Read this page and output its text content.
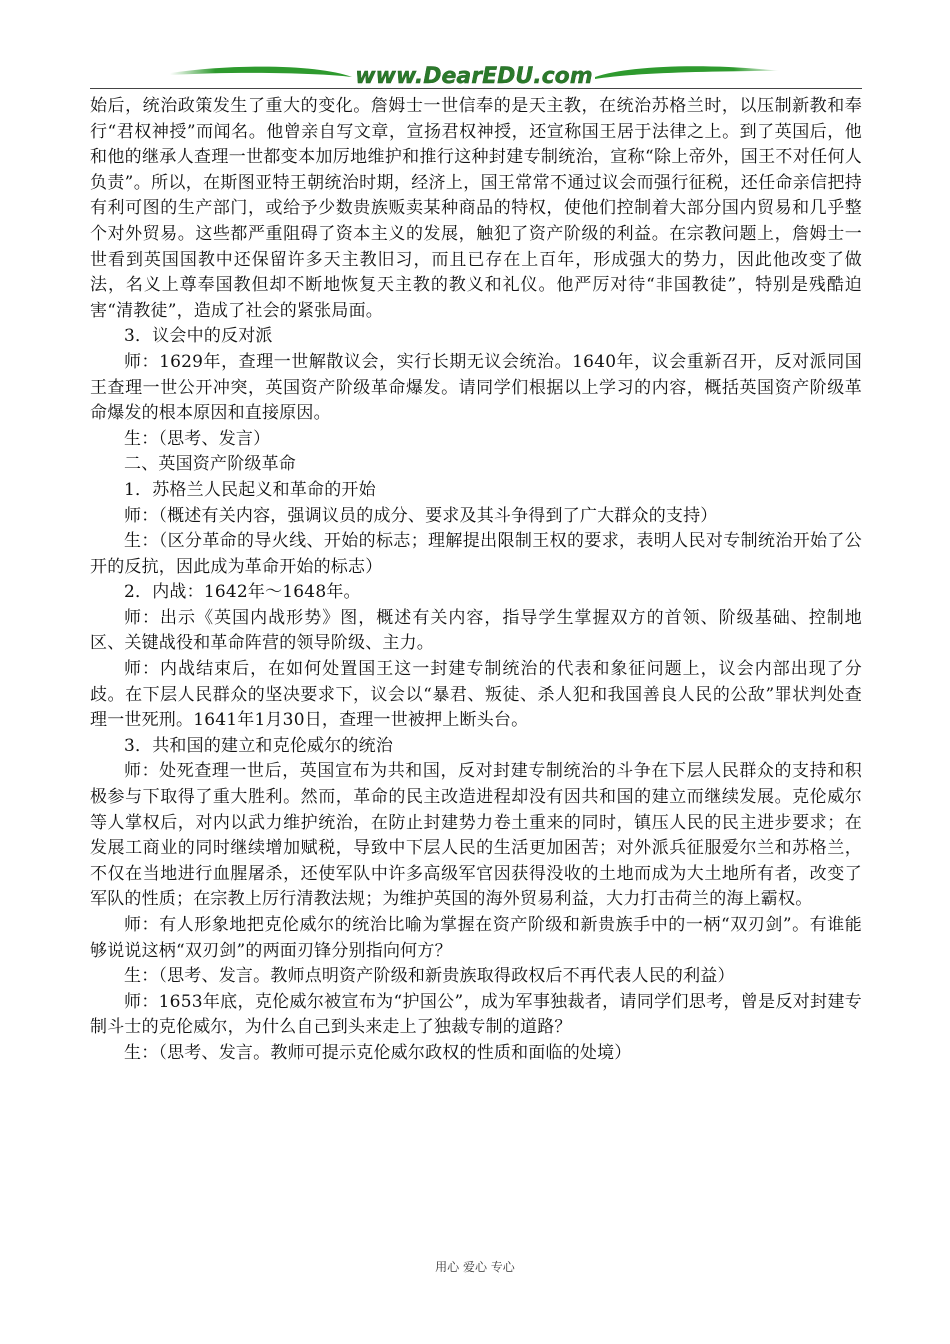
www.DearEDU.com

始后，统治政策发生了重大的变化。詹姆士一世信奉的是天主教，在统治苏格兰时，以压制新教和奉行“君权神授”而闻名。他曾亲自写文章，宣扬君权神授，还宣称国王居于法律之上。到了英国后，他和他的继承人查理一世都变本加厉地维护和推行这种封建专制统治，宣称“除上帝外，国王不对任何人负责”。所以，在斯图亚特王朝统治时期，经济上，国王常常不通过议会而强行征税，还任命亲信把持有利可图的生产部门，或给予少数贵族贩卖某种商品的特权，使他们控制着大部分国内贸易和几乎整个对外贸易。这些都严重阻碍了资本主义的发展，触犯了资产阶级的利益。在宗教问题上，詹姆士一世看到英国国教中还保留许多天主教旧习，而且已存在上百年，形成强大的势力，因此他改变了做法，名义上尊奉国教但却不断地恢复天主教的教义和礼仪。他严厉对待“非国教徒”，特别是残酷迫害“清教徒”，造成了社会的紧张局面。

3．议会中的反对派

师：1629年，查理一世解散议会，实行长期无议会统治。1640年，议会重新召开，反对派同国王查理一世公开冲突，英国资产阶级革命爆发。请同学们根据以上学习的内容，概括英国资产阶级革命爆发的根本原因和直接原因。

生：（思考、发言）

二、英国资产阶级革命

1．苏格兰人民起义和革命的开始

师：（概述有关内容，强调议员的成分、要求及其斗争得到了广大群众的支持）

生：（区分革命的导火线、开始的标志；理解提出限制王权的要求，表明人民对专制统治开始了公开的反抗，因此成为革命开始的标志）

2．内战：1642年～1648年。

师：出示《英国内战形势》图，概述有关内容，指导学生掌握双方的首领、阶级基础、控制地区、关键战役和革命阵营的领导阶级、主力。

师：内战结束后，在如何处置国王这一封建专制统治的代表和象征问题上，议会内部出现了分歧。在下层人民群众的坚决要求下，议会以“暴君、叛徒、杀人犯和我国善良人民的公敌”罪状判处查理一世死刑。1641年1月30日，查理一世被押上断头台。

3．共和国的建立和克伦威尔的统治

师：处死查理一世后，英国宣布为共和国，反对封建专制统治的斗争在下层人民群众的支持和积极参与下取得了重大胜利。然而，革命的民主改造进程却没有因共和国的建立而继续发展。克伦威尔等人掌权后，对内以武力维护统治，在防止封建势力卷土重来的同时，镇压人民的民主进步要求；在发展工商业的同时继续增加赋税，导致中下层人民的生活更加困苦；对外派兵征服爱尔兰和苏格兰，不仅在当地进行血腥屠杀，还使军队中许多高级军官因获得没收的土地而成为大土地所有者，改变了军队的性质；在宗教上厉行清教法规；为维护英国的海外贸易利益，大力打击荷兰的海上霸权。

师：有人形象地把克伦威尔的统治比喻为掌握在资产阶级和新贵族手中的一柄“双刃剑”。有谁能够说说这柄“双刃剑”的两面刃锋分别指向何方？

生：（思考、发言。教师点明资产阶级和新贵族取得政权后不再代表人民的利益）

师：1653年底，克伦威尔被宣布为“护国公”，成为军事独裁者，请同学们思考，曾是反对封建专制斗士的克伦威尔，为什么自己到头来走上了独裁专制的道路？

生：（思考、发言。教师可提示克伦威尔政权的性质和面临的处境）

用心 爱心 专心
